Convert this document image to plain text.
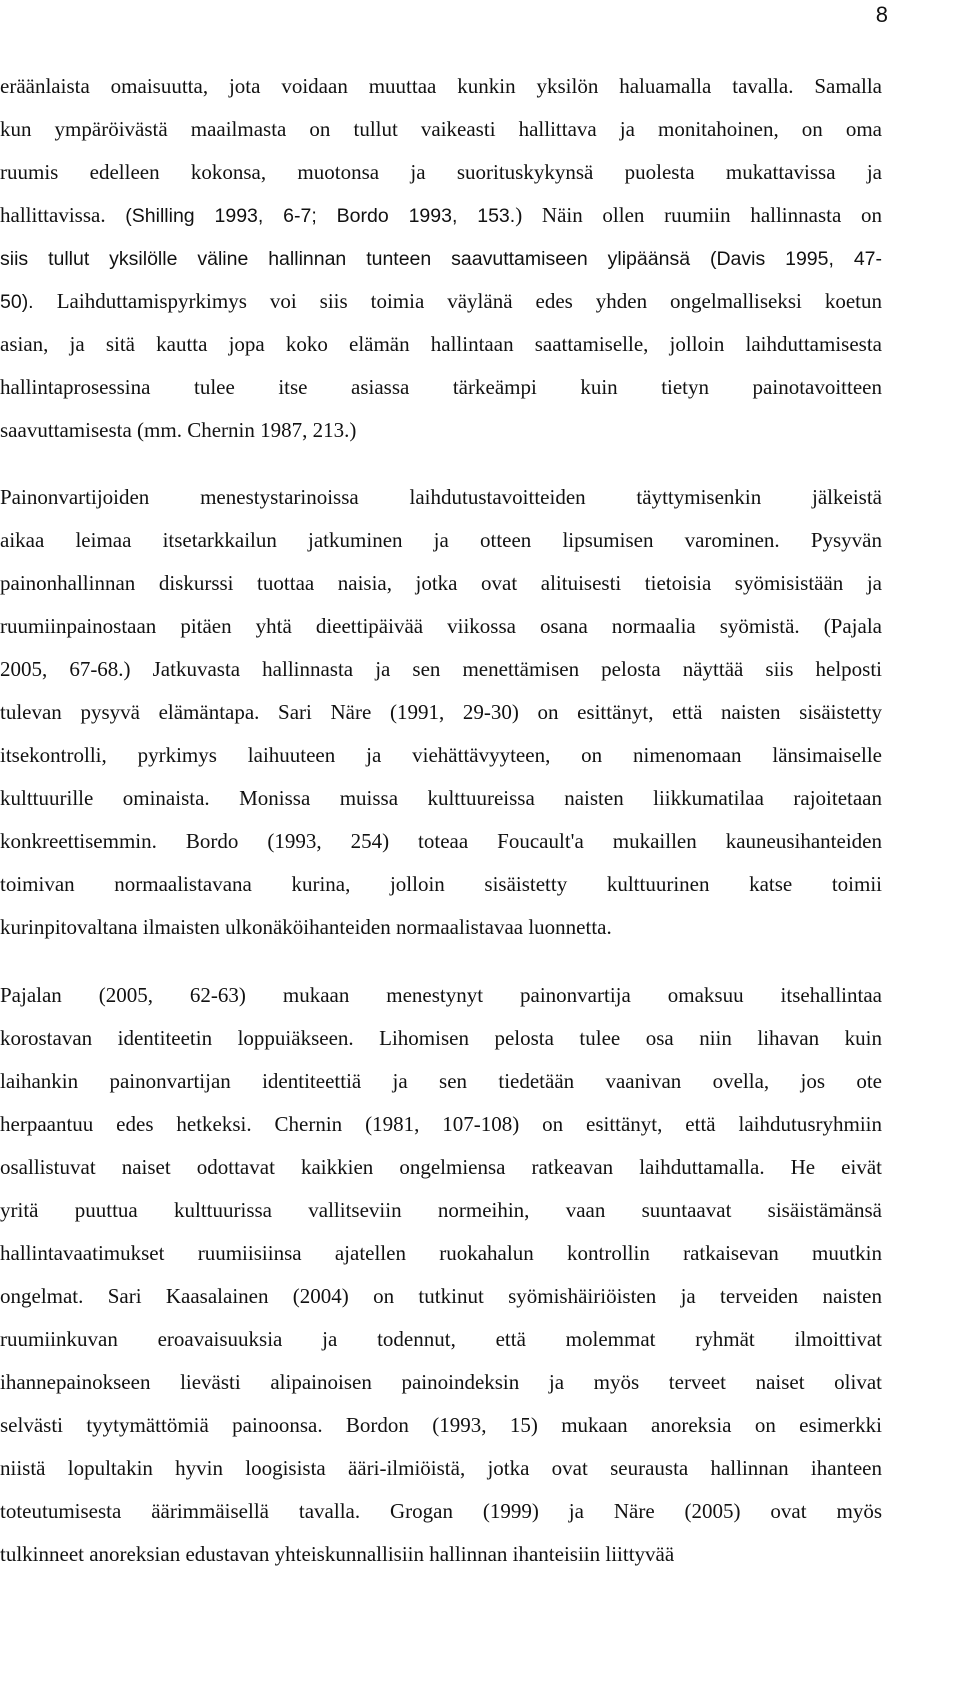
8
eräänlaista omaisuutta, jota voidaan muuttaa kunkin yksilön haluamalla tavalla. Samalla
kun ympäröivästä maailmasta on tullut vaikeasti hallittava ja monitahoinen, on oma
ruumis edelleen kokonsa, muotonsa ja suorituskykynsä puolesta mukattavissa ja
hallittavissa. (Shilling 1993, 6-7; Bordo 1993, 153.) Näin ollen ruumiin hallinnasta on
siis tullut yksilölle väline hallinnan tunteen saavuttamiseen ylipäänsä (Davis 1995, 47-
50). Laihduttamispyrkimys voi siis toimia väylänä edes yhden ongelmalliseksi koetun
asian, ja sitä kautta jopa koko elämän hallintaan saattamiselle, jolloin laihduttamisesta
hallintaprosessina tulee itse asiassa tärkeämpi kuin tietyn painotavoitteen
saavuttamisesta (mm. Chernin 1987, 213.)
Painonvartijoiden menestystarinoissa laihdutustavoitteiden täyttymisenkin jälkeistä
aikaa leimaa itsetarkkailun jatkuminen ja otteen lipsumisen varominen. Pysyvän
painonhallinnan diskurssi tuottaa naisia, jotka ovat alituisesti tietoisia syömisistään ja
ruumiinpainostaan pitäen yhtä dieettipäivää viikossa osana normaalia syömistä. (Pajala
2005, 67-68.) Jatkuvasta hallinnasta ja sen menettämisen pelosta näyttää siis helposti
tulevan pysyvä elämäntapa. Sari Näre (1991, 29-30) on esittänyt, että naisten sisäistetty
itsekontrolli, pyrkimys laihuuteen ja viehättävyyteen, on nimenomaan länsimaiselle
kulttuurille ominaista. Monissa muissa kulttuureissa naisten liikkumatilaa rajoitetaan
konkreettisemmin. Bordo (1993, 254) toteaa Foucault'a mukaillen kauneusihanteiden
toimivan normaalistavana kurina, jolloin sisäistetty kulttuurinen katse toimii
kurinpitovaltana ilmaisten ulkonäköihanteiden normaalistavaa luonnetta.
Pajalan (2005, 62-63) mukaan menestynyt painonvartija omaksuu itsehallintaa
korostavan identiteetin loppuiäkseen. Lihomisen pelosta tulee osa niin lihavan kuin
laihankin painonvartijan identiteettiä ja sen tiedetään vaanivan ovella, jos ote
herpaantuu edes hetkeksi. Chernin (1981, 107-108) on esittänyt, että laihdutusryhmiin
osallistuvat naiset odottavat kaikkien ongelmiensa ratkeavan laihduttamalla. He eivät
yritä puuttua kulttuurissa vallitseviin normeihin, vaan suuntaavat sisäistämänsä
hallintavaatimukset ruumiisiinsa ajatellen ruokahalun kontrollin ratkaisevan muutkin
ongelmat. Sari Kaasalainen (2004) on tutkinut syömishäiriöisten ja terveiden naisten
ruumiinkuvan eroavaisuuksia ja todennut, että molemmat ryhmät ilmoittivat
ihannepainokseen lievästi alipainoisen painoindeksin ja myös terveet naiset olivat
selvästi tyytymättömiä painoonsa. Bordon (1993, 15) mukaan anoreksia on esimerkki
niistä lopultakin hyvin loogisista ääri-ilmiöistä, jotka ovat seurausta hallinnan ihanteen
toteutumisesta äärimmäisellä tavalla. Grogan (1999) ja Näre (2005) ovat myös
tulkinneet anoreksian edustavan yhteiskunnallisiin hallinnan ihanteisiin liittyvää
